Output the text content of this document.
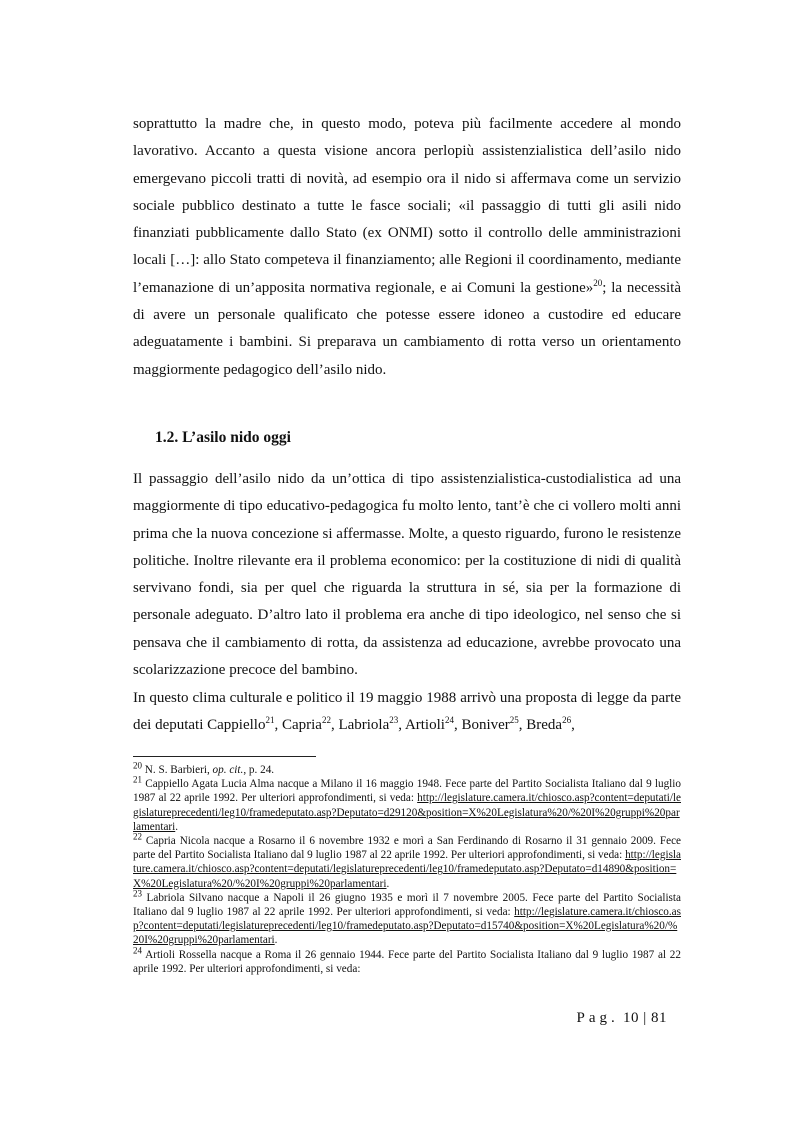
soprattutto la madre che, in questo modo, poteva più facilmente accedere al mondo lavorativo. Accanto a questa visione ancora perlopiù assistenzialistica dell’asilo nido emergevano piccoli tratti di novità, ad esempio ora il nido si affermava come un servizio sociale pubblico destinato a tutte le fasce sociali; «il passaggio di tutti gli asili nido finanziati pubblicamente dallo Stato (ex ONMI) sotto il controllo delle amministrazioni locali […]: allo Stato competeva il finanziamento; alle Regioni il coordinamento, mediante l’emanazione di un’apposita normativa regionale, e ai Comuni la gestione»$^{20}$; la necessità di avere un personale qualificato che potesse essere idoneo a custodire ed educare adeguatamente i bambini. Si preparava un cambiamento di rotta verso un orientamento maggiormente pedagogico dell’asilo nido.

1.2. L’asilo nido oggi

Il passaggio dell’asilo nido da un’ottica di tipo assistenzialistica-custodialistica ad una maggiormente di tipo educativo-pedagogica fu molto lento, tant’è che ci vollero molti anni prima che la nuova concezione si affermasse. Molte, a questo riguardo, furono le resistenze politiche. Inoltre rilevante era il problema economico: per la costituzione di nidi di qualità servivano fondi, sia per quel che riguarda la struttura in sé, sia per la formazione di personale adeguato. D’altro lato il problema era anche di tipo ideologico, nel senso che si pensava che il cambiamento di rotta, da assistenza ad educazione, avrebbe provocato una scolarizzazione precoce del bambino.

In questo clima culturale e politico il 19 maggio 1988 arrivò una proposta di legge da parte dei deputati Cappiello$^{21}$, Capria$^{22}$, Labriola$^{23}$, Artioli$^{24}$, Boniver$^{25}$, Breda$^{26}$,

$^{20}$ N. S. Barbieri, op. cit., p. 24.

$^{21}$ Cappiello Agata Lucia Alma nacque a Milano il 16 maggio 1948. Fece parte del Partito Socialista Italiano dal 9 luglio 1987 al 22 aprile 1992. Per ulteriori approfondimenti, si veda: http://legislature.camera.it/chiosco.asp?content=deputati/legislatureprecedenti/leg10/framedeputato.asp?Deputato=d29120&position=X%20Legislatura%20/%20I%20gruppi%20parlamentari.

$^{22}$ Capria Nicola nacque a Rosarno il 6 novembre 1932 e morì a San Ferdinando di Rosarno il 31 gennaio 2009. Fece parte del Partito Socialista Italiano dal 9 luglio 1987 al 22 aprile 1992. Per ulteriori approfondimenti, si veda: http://legislature.camera.it/chiosco.asp?content=deputati/legislatureprecedenti/leg10/framedeputato.asp?Deputato=d14890&position=X%20Legislatura%20/%20I%20gruppi%20parlamentari.

$^{23}$ Labriola Silvano nacque a Napoli il 26 giugno 1935 e morì il 7 novembre 2005. Fece parte del Partito Socialista Italiano dal 9 luglio 1987 al 22 aprile 1992. Per ulteriori approfondimenti, si veda: http://legislature.camera.it/chiosco.asp?content=deputati/legislatureprecedenti/leg10/framedeputato.asp?Deputato=d15740&position=X%20Legislatura%20/%20I%20gruppi%20parlamentari.

$^{24}$ Artioli Rossella nacque a Roma il 26 gennaio 1944. Fece parte del Partito Socialista Italiano dal 9 luglio 1987 al 22 aprile 1992. Per ulteriori approfondimenti, si veda:

Pag. 10 | 81
